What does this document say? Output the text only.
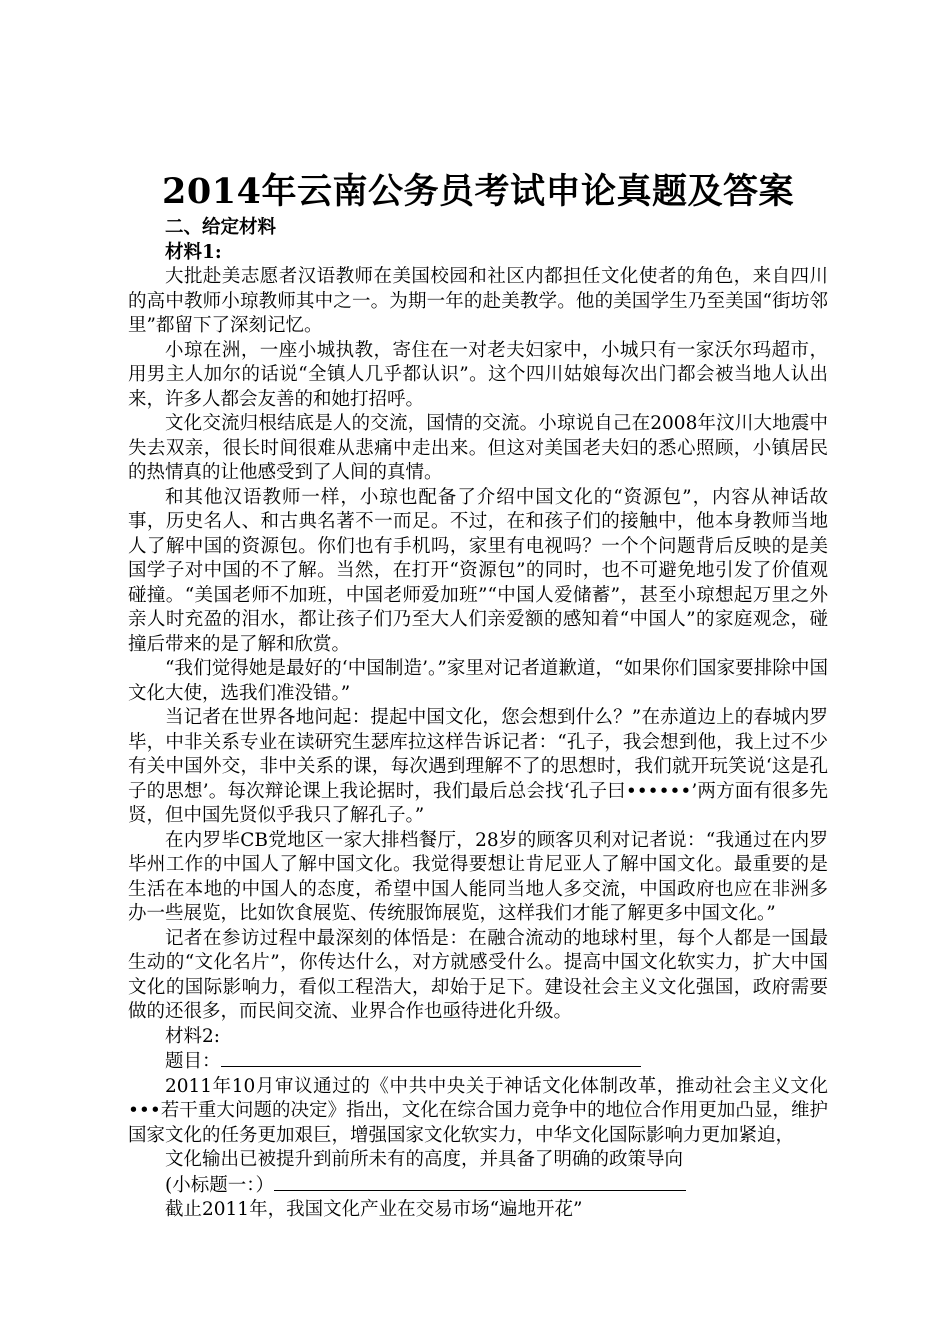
2014年云南公务员考试申论真题及答案

二、给定材料

材料1:

大批赴美志愿者汉语教师在美国校园和社区内都担任文化使者的角色，来自四川的高中教师小琼教师其中之一。为期一年的赴美教学。他的美国学生乃至美国“街坊邻里”都留下了深刻记忆。

小琼在洲，一座小城执教，寄住在一对老夫妇家中，小城只有一家沃尔玛超市，用男主人加尔的话说“全镇人几乎都认识”。这个四川姑娘每次出门都会被当地人认出来，许多人都会友善的和她打招呼。

文化交流归根结底是人的交流，国情的交流。小琼说自己在2008年汶川大地震中失去双亲，很长时间很难从悲痛中走出来。但这对美国老夫妇的悉心照顾，小镇居民的热情真的让他感受到了人间的真情。

和其他汉语教师一样，小琼也配备了介绍中国文化的“资源包”，内容从神话故事，历史名人、和古典名著不一而足。不过，在和孩子们的接触中，他本身教师当地人了解中国的资源包。你们也有手机吗，家里有电视吗？一个个问题背后反映的是美国学子对中国的不了解。当然，在打开“资源包”的同时，也不可避免地引发了价值观碰撞。“美国老师不加班，中国老师爱加班”“中国人爱储蓄”，甚至小琼想起万里之外亲人时充盈的泪水，都让孩子们乃至大人们亲爱额的感知着“中国人”的家庭观念，碰撞后带来的是了解和欣赏。

“我们觉得她是最好的‘中国制造’。”家里对记者道歉道，“如果你们国家要排除中国文化大使，选我们准没错。”

当记者在世界各地问起：提起中国文化，您会想到什么？”在赤道边上的春城内罗毕，中非关系专业在读研究生瑟库拉这样告诉记者：“孔子，我会想到他，我上过不少有关中国外交，非中关系的课，每次遇到理解不了的思想时，我们就开玩笑说‘这是孔子的思想’。每次辩论课上我论据时，我们最后总会找‘孔子曰••••••’两方面有很多先贤，但中国先贤似乎我只了解孔子。”

在内罗毕CB党地区一家大排档餐厅，28岁的顾客贝利对记者说：“我通过在内罗毕州工作的中国人了解中国文化。我觉得要想让肯尼亚人了解中国文化。最重要的是生活在本地的中国人的态度，希望中国人能同当地人多交流，中国政府也应在非洲多办一些展览，比如饮食展览、传统服饰展览，这样我们才能了解更多中国文化。”

记者在参访过程中最深刻的体悟是：在融合流动的地球村里，每个人都是一国最生动的“文化名片”，你传达什么，对方就感受什么。提高中国文化软实力，扩大中国文化的国际影响力，看似工程浩大，却始于足下。建设社会主义文化强国，政府需要做的还很多，而民间交流、业界合作也亟待进化升级。

材料2:

题目：

2011年10月审议通过的《中共中央关于神话文化体制改革，推动社会主义文化•••若干重大问题的决定》指出，文化在综合国力竞争中的地位合作用更加凸显，维护国家文化的任务更加艰巨，增强国家文化软实力，中华文化国际影响力更加紧迫，

文化输出已被提升到前所未有的高度，并具备了明确的政策导向

(小标题一：）

截止2011年，我国文化产业在交易市场“遍地开花”
